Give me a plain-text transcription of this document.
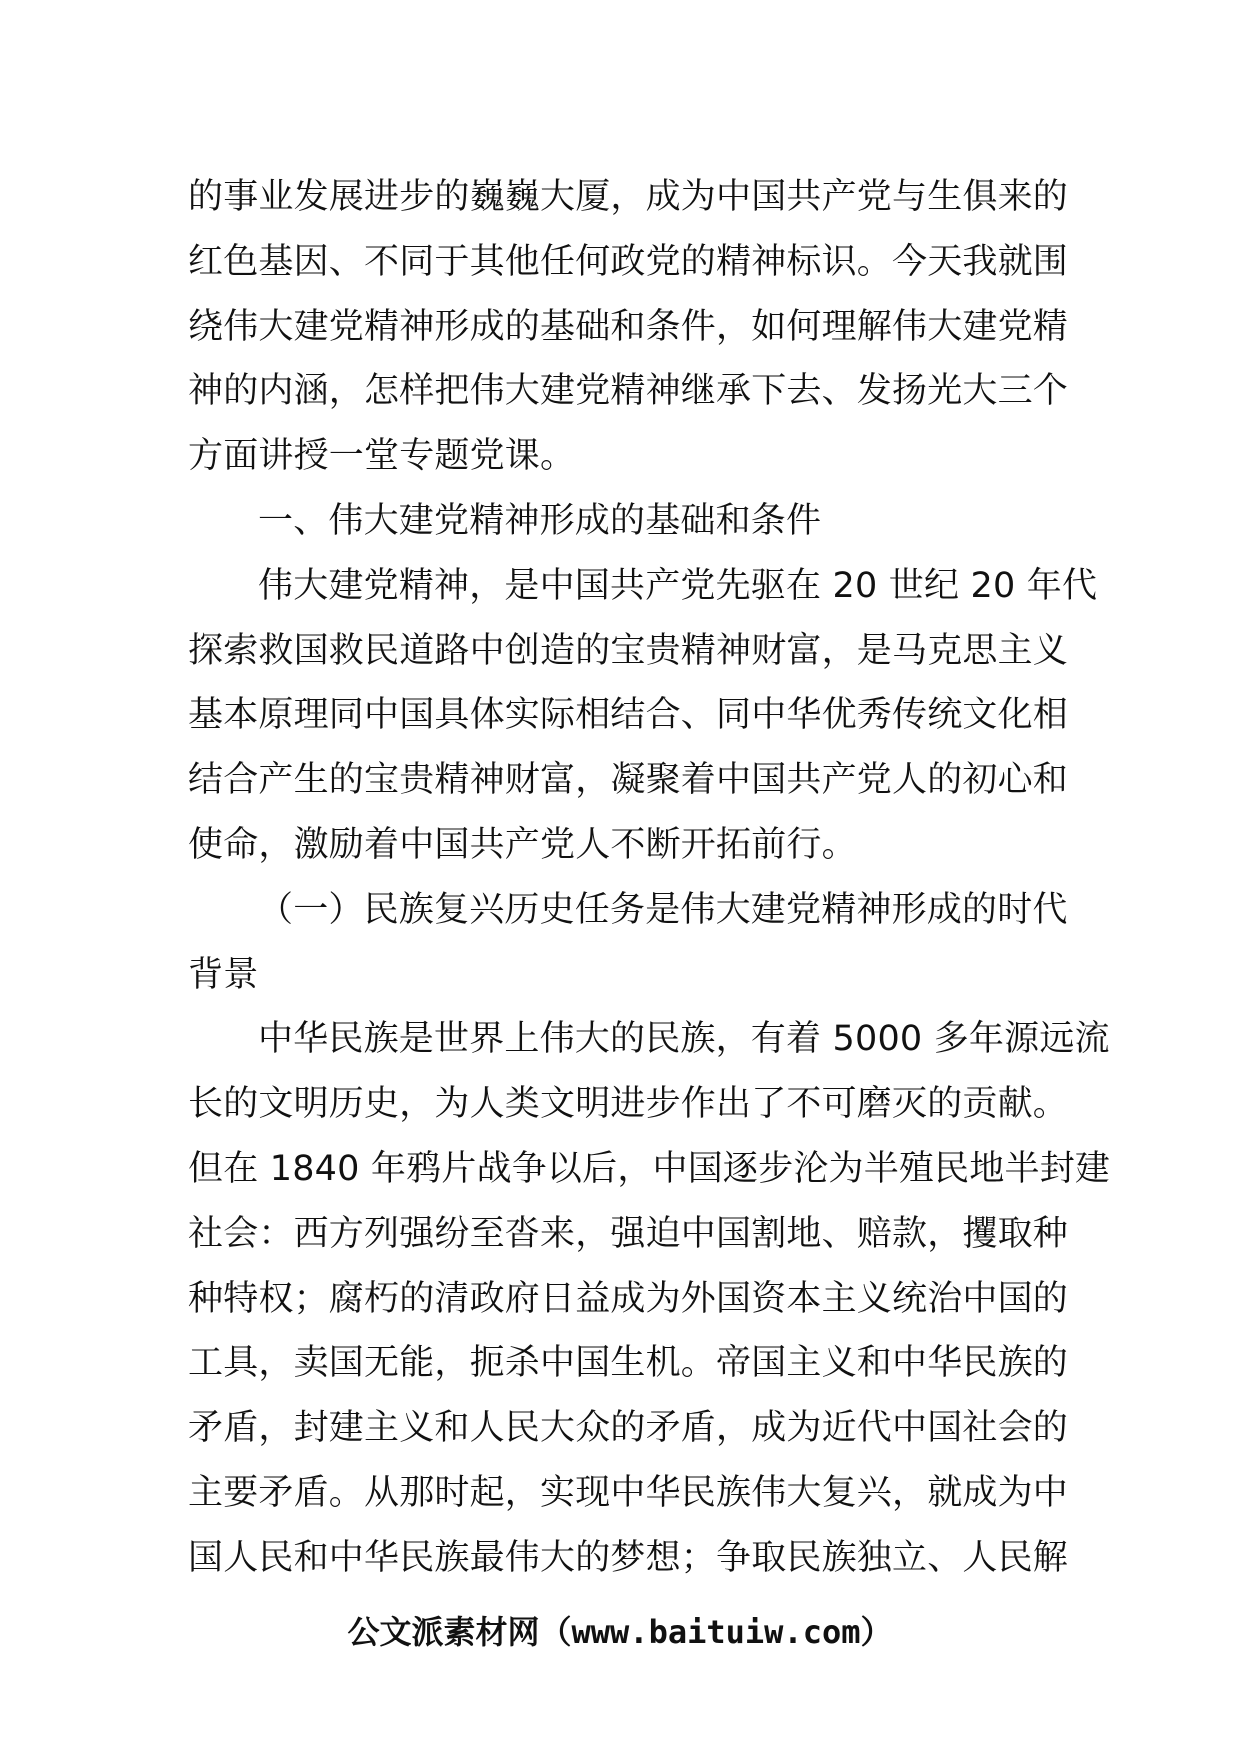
的事业发展进步的巍巍大厦，成为中国共产党与生俱来的
红色基因、不同于其他任何政党的精神标识。今天我就围
绕伟大建党精神形成的基础和条件，如何理解伟大建党精
神的内涵，怎样把伟大建党精神继承下去、发扬光大三个
方面讲授一堂专题党课。
一、伟大建党精神形成的基础和条件
伟大建党精神，是中国共产党先驱在 20 世纪 20 年代
探索救国救民道路中创造的宝贵精神财富，是马克思主义
基本原理同中国具体实际相结合、同中华优秀传统文化相
结合产生的宝贵精神财富，凝聚着中国共产党人的初心和
使命，激励着中国共产党人不断开拓前行。
（一）民族复兴历史任务是伟大建党精神形成的时代
背景
中华民族是世界上伟大的民族，有着 5000 多年源远流
长的文明历史，为人类文明进步作出了不可磨灭的贡献。
但在 1840 年鸦片战争以后，中国逐步沦为半殖民地半封建
社会：西方列强纷至沓来，强迫中国割地、赔款，攫取种
种特权；腐朽的清政府日益成为外国资本主义统治中国的
工具，卖国无能，扼杀中国生机。帝国主义和中华民族的
矛盾，封建主义和人民大众的矛盾，成为近代中国社会的
主要矛盾。从那时起，实现中华民族伟大复兴，就成为中
国人民和中华民族最伟大的梦想；争取民族独立、人民解
公文派素材网（www.baituiw.com）
